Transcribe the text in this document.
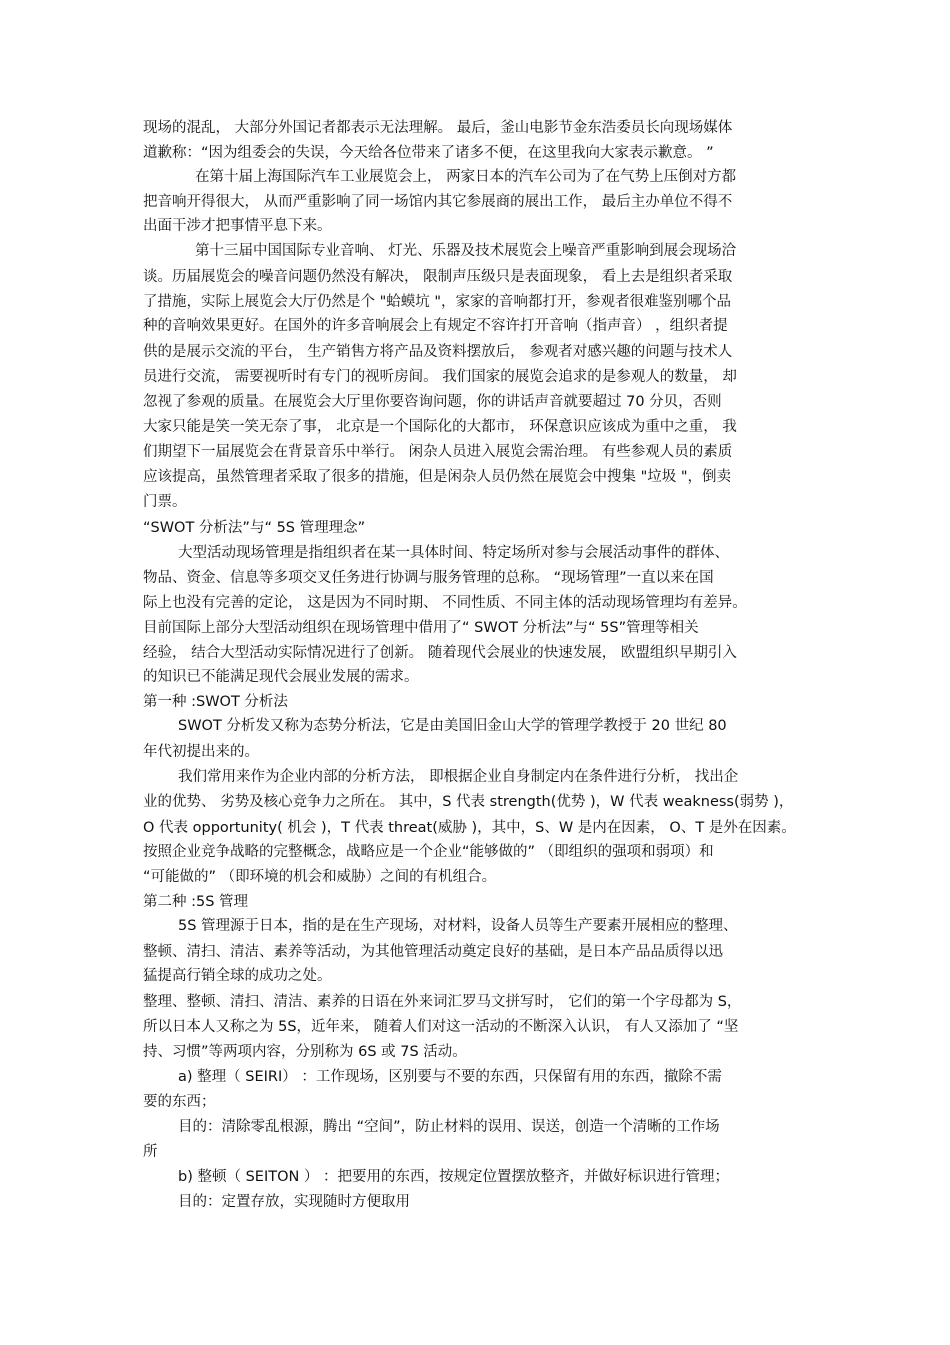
现场的混乱， 大部分外国记者都表示无法理解。 最后，釜山电影节金东浩委员长向现场媒体
道歉称：“因为组委会的失误，今天给各位带来了诸多不便，在这里我向大家表示歉意。 ”
在第十届上海国际汽车工业展览会上， 两家日本的汽车公司为了在气势上压倒对方都
把音响开得很大， 从而严重影响了同一场馆内其它参展商的展出工作， 最后主办单位不得不
出面干涉才把事情平息下来。
第十三届中国国际专业音响、 灯光、乐器及技术展览会上噪音严重影响到展会现场洽
谈。历届展览会的噪音问题仍然没有解决， 限制声压级只是表面现象， 看上去是组织者采取
了措施，实际上展览会大厅仍然是个 "蛤蟆坑 "，家家的音响都打开，参观者很难鉴别哪个品
种的音响效果更好。在国外的许多音响展会上有规定不容许打开音响（指声音） ，组织者提
供的是展示交流的平台， 生产销售方将产品及资料摆放后， 参观者对感兴趣的问题与技术人
员进行交流， 需要视听时有专门的视听房间。 我们国家的展览会追求的是参观人的数量， 却
忽视了参观的质量。在展览会大厅里你要咨询问题，你的讲话声音就要超过 70 分贝，否则
大家只能是笑一笑无奈了事， 北京是一个国际化的大都市， 环保意识应该成为重中之重， 我
们期望下一届展览会在背景音乐中举行。 闲杂人员进入展览会需治理。 有些参观人员的素质
应该提高，虽然管理者采取了很多的措施，但是闲杂人员仍然在展览会中搜集 "垃圾 "，倒卖
门票。
“SWOT 分析法”与“ 5S 管理理念”
大型活动现场管理是指组织者在某一具体时间、特定场所对参与会展活动事件的群体、
物品、资金、信息等多项交叉任务进行协调与服务管理的总称。 “现场管理”一直以来在国
际上也没有完善的定论， 这是因为不同时期、 不同性质、不同主体的活动现场管理均有差异。
目前国际上部分大型活动组织在现场管理中借用了“ SWOT 分析法”与“ 5S”管理等相关
经验， 结合大型活动实际情况进行了创新。 随着现代会展业的快速发展， 欧盟组织早期引入
的知识已不能满足现代会展业发展的需求。
第一种 :SWOT 分析法
SWOT 分析发又称为态势分析法，它是由美国旧金山大学的管理学教授于 20 世纪 80
年代初提出来的。
我们常用来作为企业内部的分析方法， 即根据企业自身制定内在条件进行分析， 找出企
业的优势、 劣势及核心竞争力之所在。 其中，S 代表 strength(优势 )，W 代表 weakness(弱势 )，
O 代表 opportunity( 机会 )，T 代表 threat(威胁 )，其中，S、W 是内在因素， O、T 是外在因素。
按照企业竞争战略的完整概念，战略应是一个企业“能够做的” （即组织的强项和弱项）和
“可能做的” （即环境的机会和威胁）之间的有机组合。
第二种 :5S 管理
5S 管理源于日本，指的是在生产现场，对材料，设备人员等生产要素开展相应的整理、
整顿、清扫、清洁、素养等活动，为其他管理活动奠定良好的基础，是日本产品品质得以迅
猛提高行销全球的成功之处。
整理、整顿、清扫、清洁、素养的日语在外来词汇罗马文拼写时， 它们的第一个字母都为 S，
所以日本人又称之为 5S，近年来， 随着人们对这一活动的不断深入认识， 有人又添加了 “坚
持、习惯”等两项内容，分别称为 6S 或 7S 活动。
a) 整理（ SEIRI） ：工作现场，区别要与不要的东西，只保留有用的东西，撤除不需
要的东西；
目的：清除零乱根源，腾出 “空间”，防止材料的误用、误送，创造一个清晰的工作场
所
b) 整顿（ SEITON ） ：把要用的东西，按规定位置摆放整齐，并做好标识进行管理；
目的：定置存放，实现随时方便取用
